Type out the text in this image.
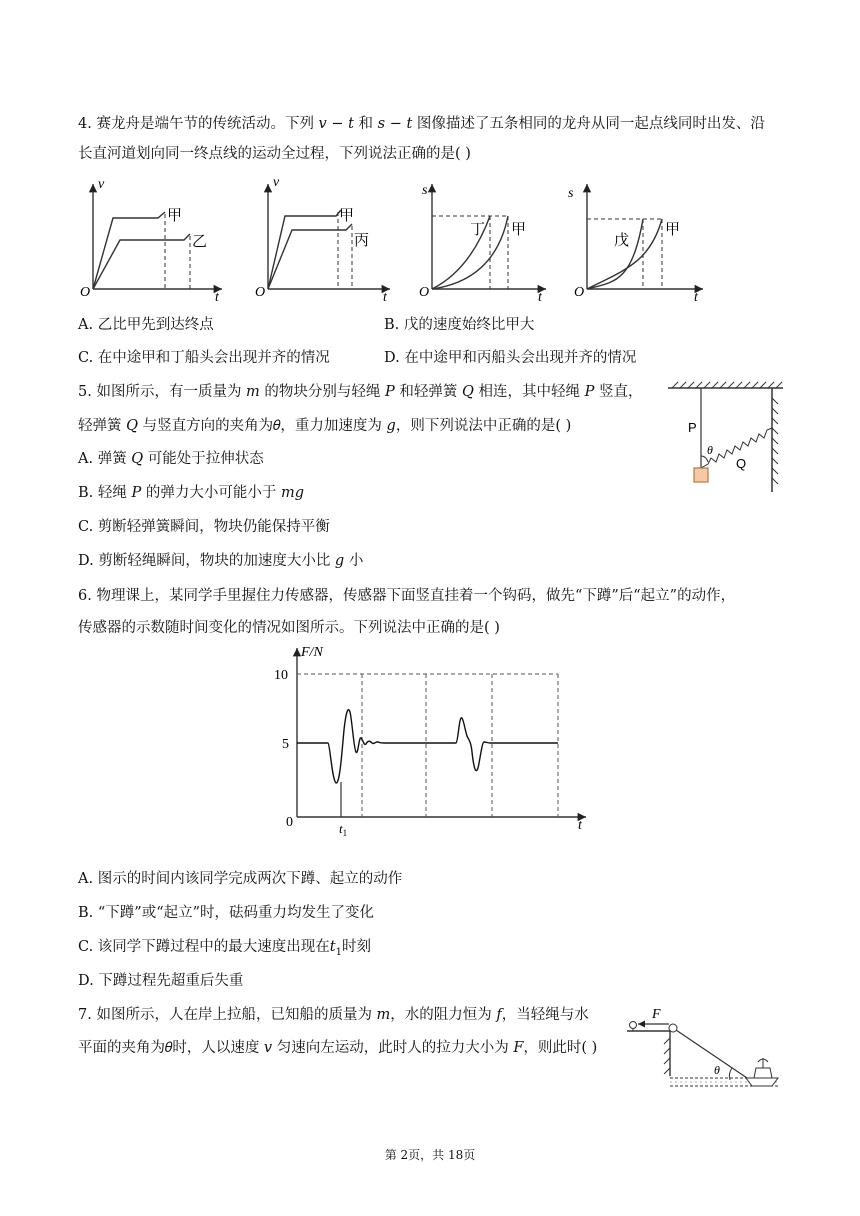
4. 赛龙舟是端午节的传统活动。下列 𝑣 − 𝑡 和 𝑠 − 𝑡 图像描述了五条相同的龙舟从同一起点线同时出发、沿
长直河道划向同一终点线的运动全过程，下列说法正确的是( )
v
O	t
甲
乙
v
O	t
甲
丙
s
O	t
丁 甲
s
O	t
戊
甲
A. 乙比甲先到达终点	B. 戊的速度始终比甲大
C. 在中途甲和丁船头会出现并齐的情况	D. 在中途甲和丙船头会出现并齐的情况
5. 如图所示，有一质量为 𝑚 的物块分别与轻绳 𝑃 和轻弹簧 𝑄 相连，其中轻绳 𝑃 竖直，
轻弹簧 𝑄 与竖直方向的夹角为𝜃，重力加速度为 𝑔，则下列说法中正确的是( )
A. 弹簧 𝑄 可能处于拉伸状态
B. 轻绳 𝑃 的弹力大小可能小于 𝑚𝑔
C. 剪断轻弹簧瞬间，物块仍能保持平衡
D. 剪断轻绳瞬间，物块的加速度大小比 𝑔 小
P
θ
Q
6. 物理课上，某同学手里握住力传感器，传感器下面竖直挂着一个钩码，做先“下蹲”后“起立”的动作，
传感器的示数随时间变化的情况如图所示。下列说法中正确的是( )
F/N
10
5
0	$t_1$	t
A. 图示的时间内该同学完成两次下蹲、起立的动作
B. “下蹲”或“起立”时，砝码重力均发生了变化
C. 该同学下蹲过程中的最大速度出现在𝑡$_1$时刻
D. 下蹲过程先超重后失重
7. 如图所示，人在岸上拉船，已知船的质量为 𝑚，水的阻力恒为 𝑓，当轻绳与水
平面的夹角为𝜃时，人以速度 𝑣 匀速向左运动，此时人的拉力大小为 𝐹，则此时( )
F
θ
第 2页，共 18页
